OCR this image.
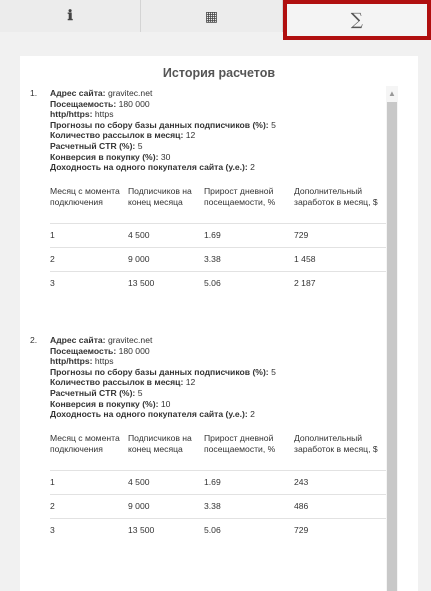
ℹ	▦	∑
История расчетов
1.	Адрес сайта: gravitec.net
Посещаемость: 180 000
http/https: https
Прогнозы по сбору базы данных подписчиков (%): 5
Количество рассылок в месяц: 12
Расчетный CTR (%): 5
Конверсия в покупку (%): 30
Доходность на одного покупателя сайта (у.е.): 2
Месяц с момента подключения	Подписчиков на конец месяца	Прирост дневной посещаемости, %	Дополнительный заработок в месяц, $
1	4 500	1.69	729
2	9 000	3.38	1 458
3	13 500	5.06	2 187
2.	Адрес сайта: gravitec.net
Посещаемость: 180 000
http/https: https
Прогнозы по сбору базы данных подписчиков (%): 5
Количество рассылок в месяц: 12
Расчетный CTR (%): 5
Конверсия в покупку (%): 10
Доходность на одного покупателя сайта (у.е.): 2
Месяц с момента подключения	Подписчиков на конец месяца	Прирост дневной посещаемости, %	Дополнительный заработок в месяц, $
1	4 500	1.69	243
2	9 000	3.38	486
3	13 500	5.06	729
▲
